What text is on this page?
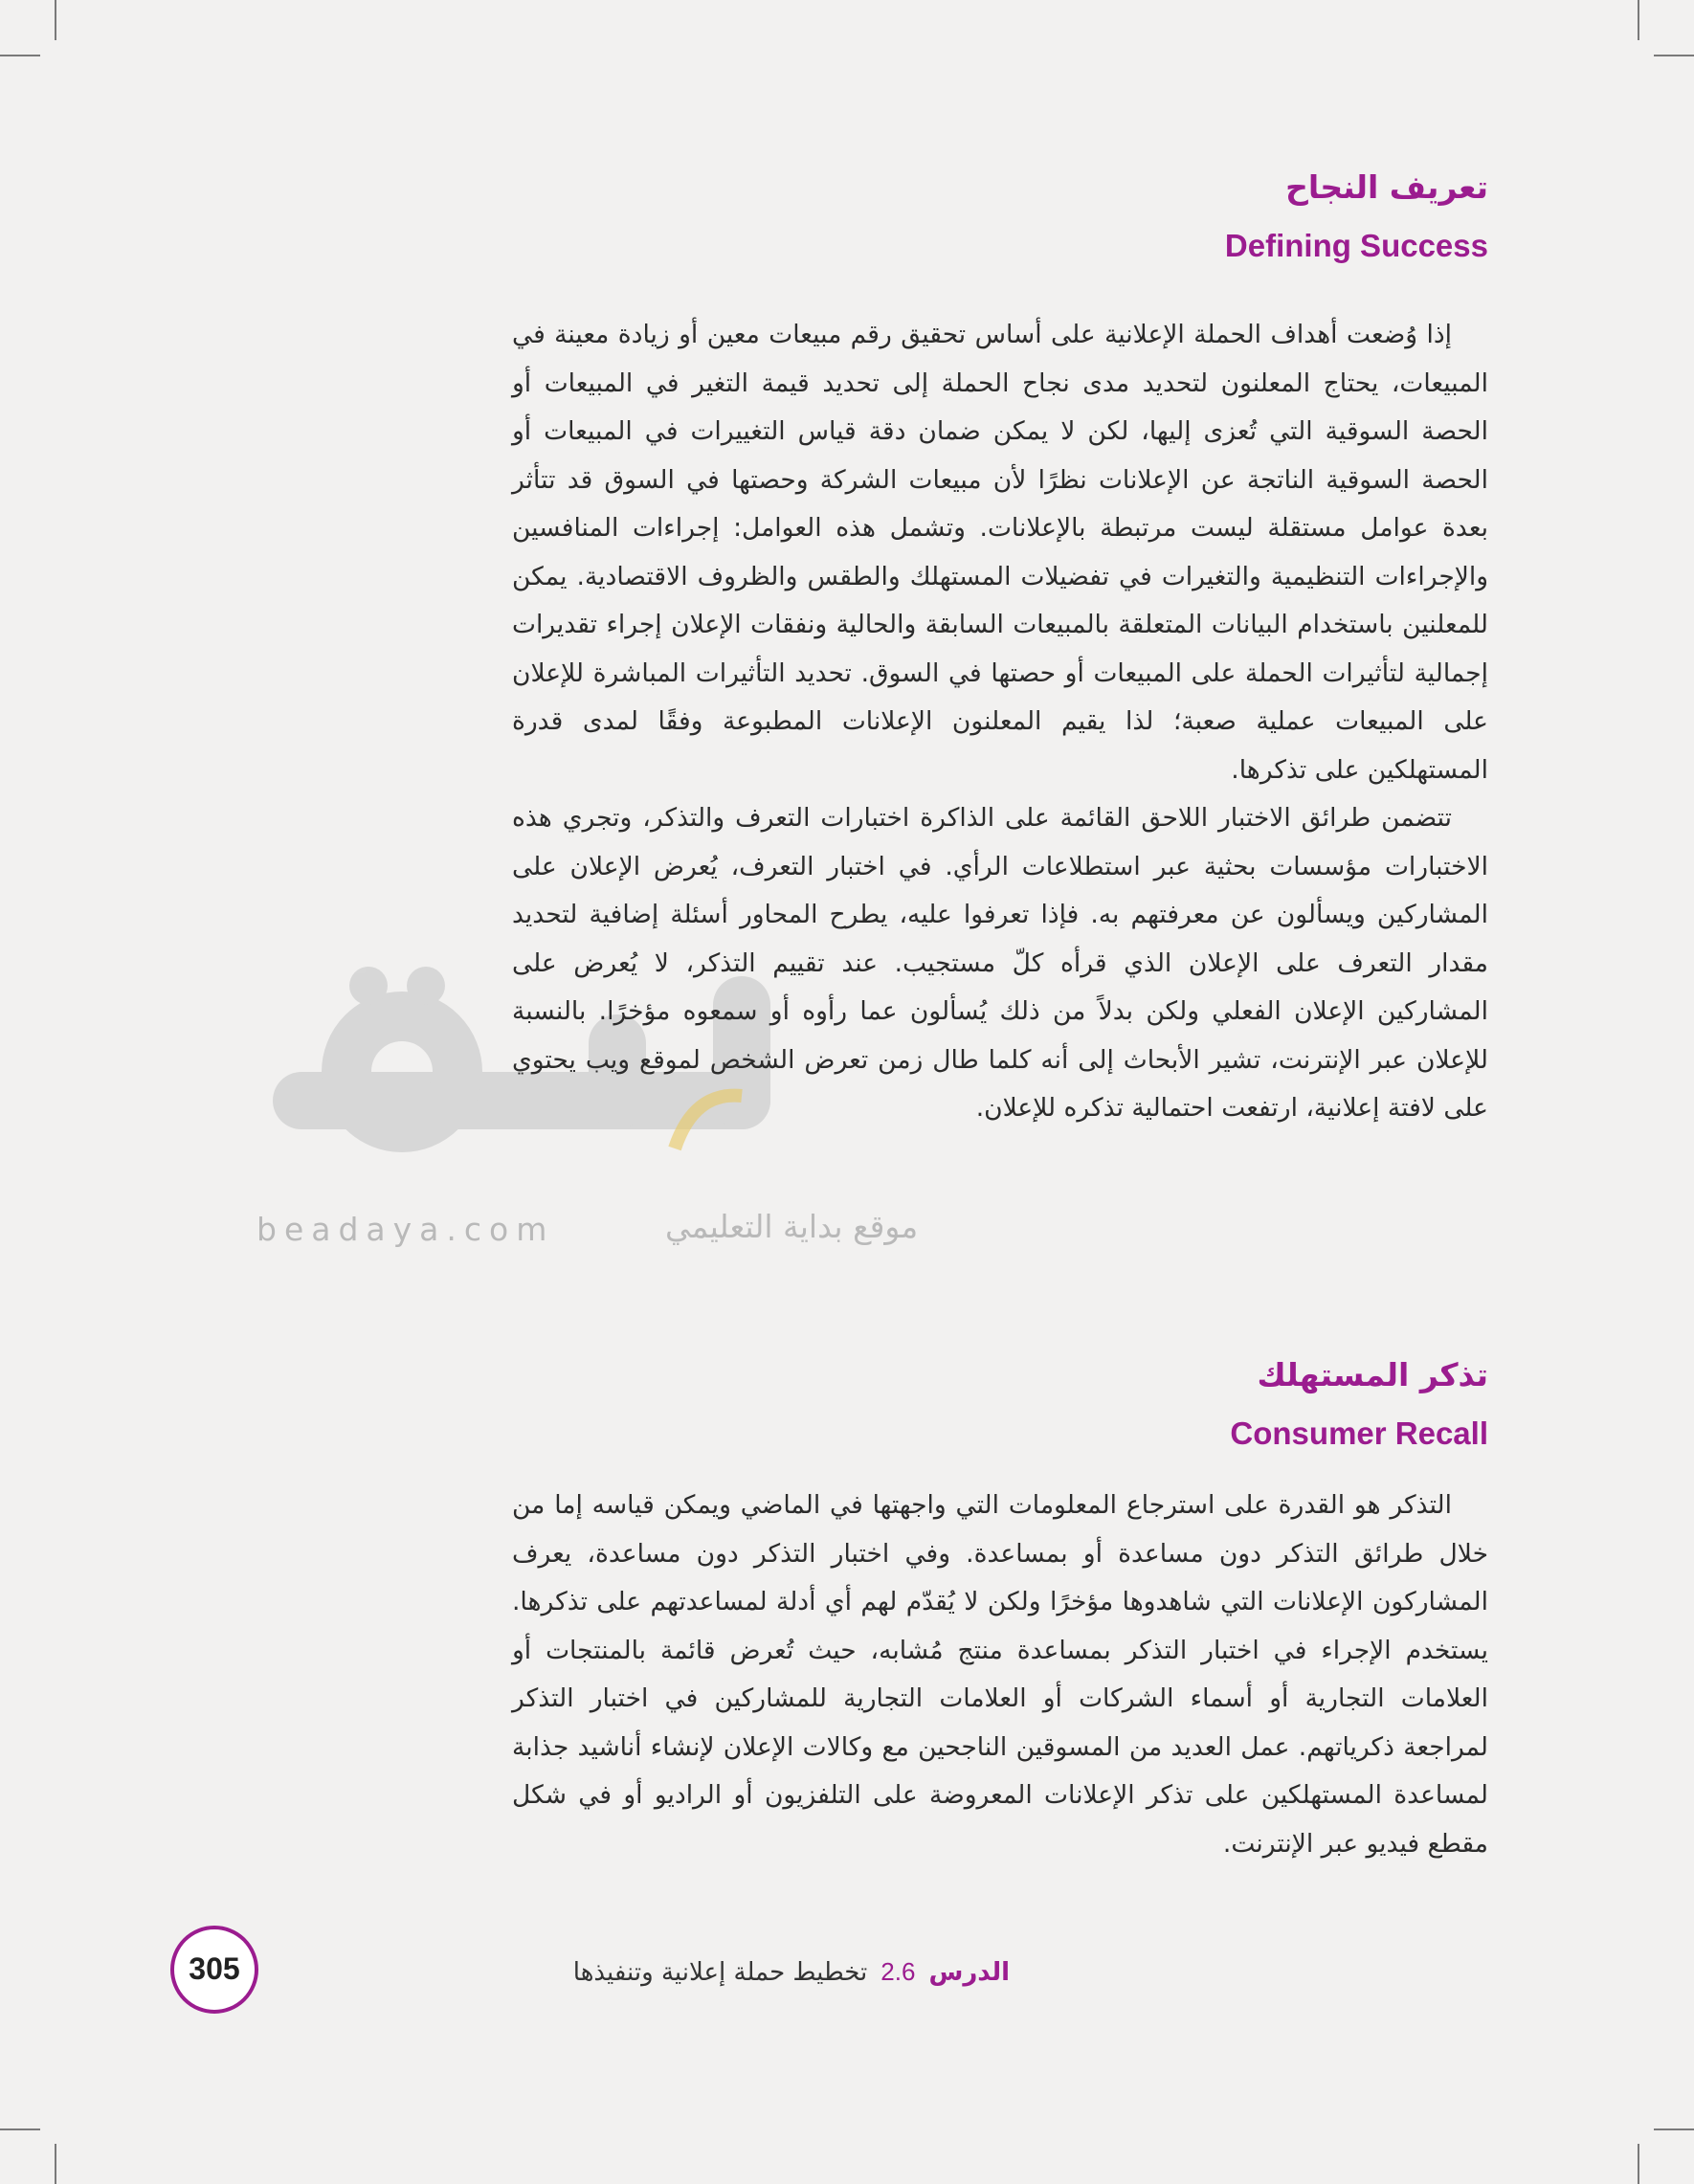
beadaya.com	موقع بداية التعليمي
تعريف النجاح
Defining Success

إذا وُضعت أهداف الحملة الإعلانية على أساس تحقيق رقم مبيعات معين أو زيادة معينة في المبيعات، يحتاج المعلنون لتحديد مدى نجاح الحملة إلى تحديد قيمة التغير في المبيعات أو الحصة السوقية التي تُعزى إليها، لكن لا يمكن ضمان دقة قياس التغييرات في المبيعات أو الحصة السوقية الناتجة عن الإعلانات نظرًا لأن مبيعات الشركة وحصتها في السوق قد تتأثر بعدة عوامل مستقلة ليست مرتبطة بالإعلانات. وتشمل هذه العوامل: إجراءات المنافسين والإجراءات التنظيمية والتغيرات في تفضيلات المستهلك والطقس والظروف الاقتصادية. يمكن للمعلنين باستخدام البيانات المتعلقة بالمبيعات السابقة والحالية ونفقات الإعلان إجراء تقديرات إجمالية لتأثيرات الحملة على المبيعات أو حصتها في السوق. تحديد التأثيرات المباشرة للإعلان على المبيعات عملية صعبة؛ لذا يقيم المعلنون الإعلانات المطبوعة وفقًا لمدى قدرة المستهلكين على تذكرها.

تتضمن طرائق الاختبار اللاحق القائمة على الذاكرة اختبارات التعرف والتذكر، وتجري هذه الاختبارات مؤسسات بحثية عبر استطلاعات الرأي. في اختبار التعرف، يُعرض الإعلان على المشاركين ويسألون عن معرفتهم به. فإذا تعرفوا عليه، يطرح المحاور أسئلة إضافية لتحديد مقدار التعرف على الإعلان الذي قرأه كلّ مستجيب. عند تقييم التذكر، لا يُعرض على المشاركين الإعلان الفعلي ولكن بدلاً من ذلك يُسألون عما رأوه أو سمعوه مؤخرًا. بالنسبة للإعلان عبر الإنترنت، تشير الأبحاث إلى أنه كلما طال زمن تعرض الشخص لموقع ويب يحتوي على لافتة إعلانية، ارتفعت احتمالية تذكره للإعلان.

تذكر المستهلك
Consumer Recall

التذكر هو القدرة على استرجاع المعلومات التي واجهتها في الماضي ويمكن قياسه إما من خلال طرائق التذكر دون مساعدة أو بمساعدة. وفي اختبار التذكر دون مساعدة، يعرف المشاركون الإعلانات التي شاهدوها مؤخرًا ولكن لا يُقدّم لهم أي أدلة لمساعدتهم على تذكرها. يستخدم الإجراء في اختبار التذكر بمساعدة منتج مُشابه، حيث تُعرض قائمة بالمنتجات أو العلامات التجارية أو أسماء الشركات أو العلامات التجارية للمشاركين في اختبار التذكر لمراجعة ذكرياتهم. عمل العديد من المسوقين الناجحين مع وكالات الإعلان لإنشاء أناشيد جذابة لمساعدة المستهلكين على تذكر الإعلانات المعروضة على التلفزيون أو الراديو أو في شكل مقطع فيديو عبر الإنترنت.

305	الدرس2.6تخطيط حملة إعلانية وتنفيذها
